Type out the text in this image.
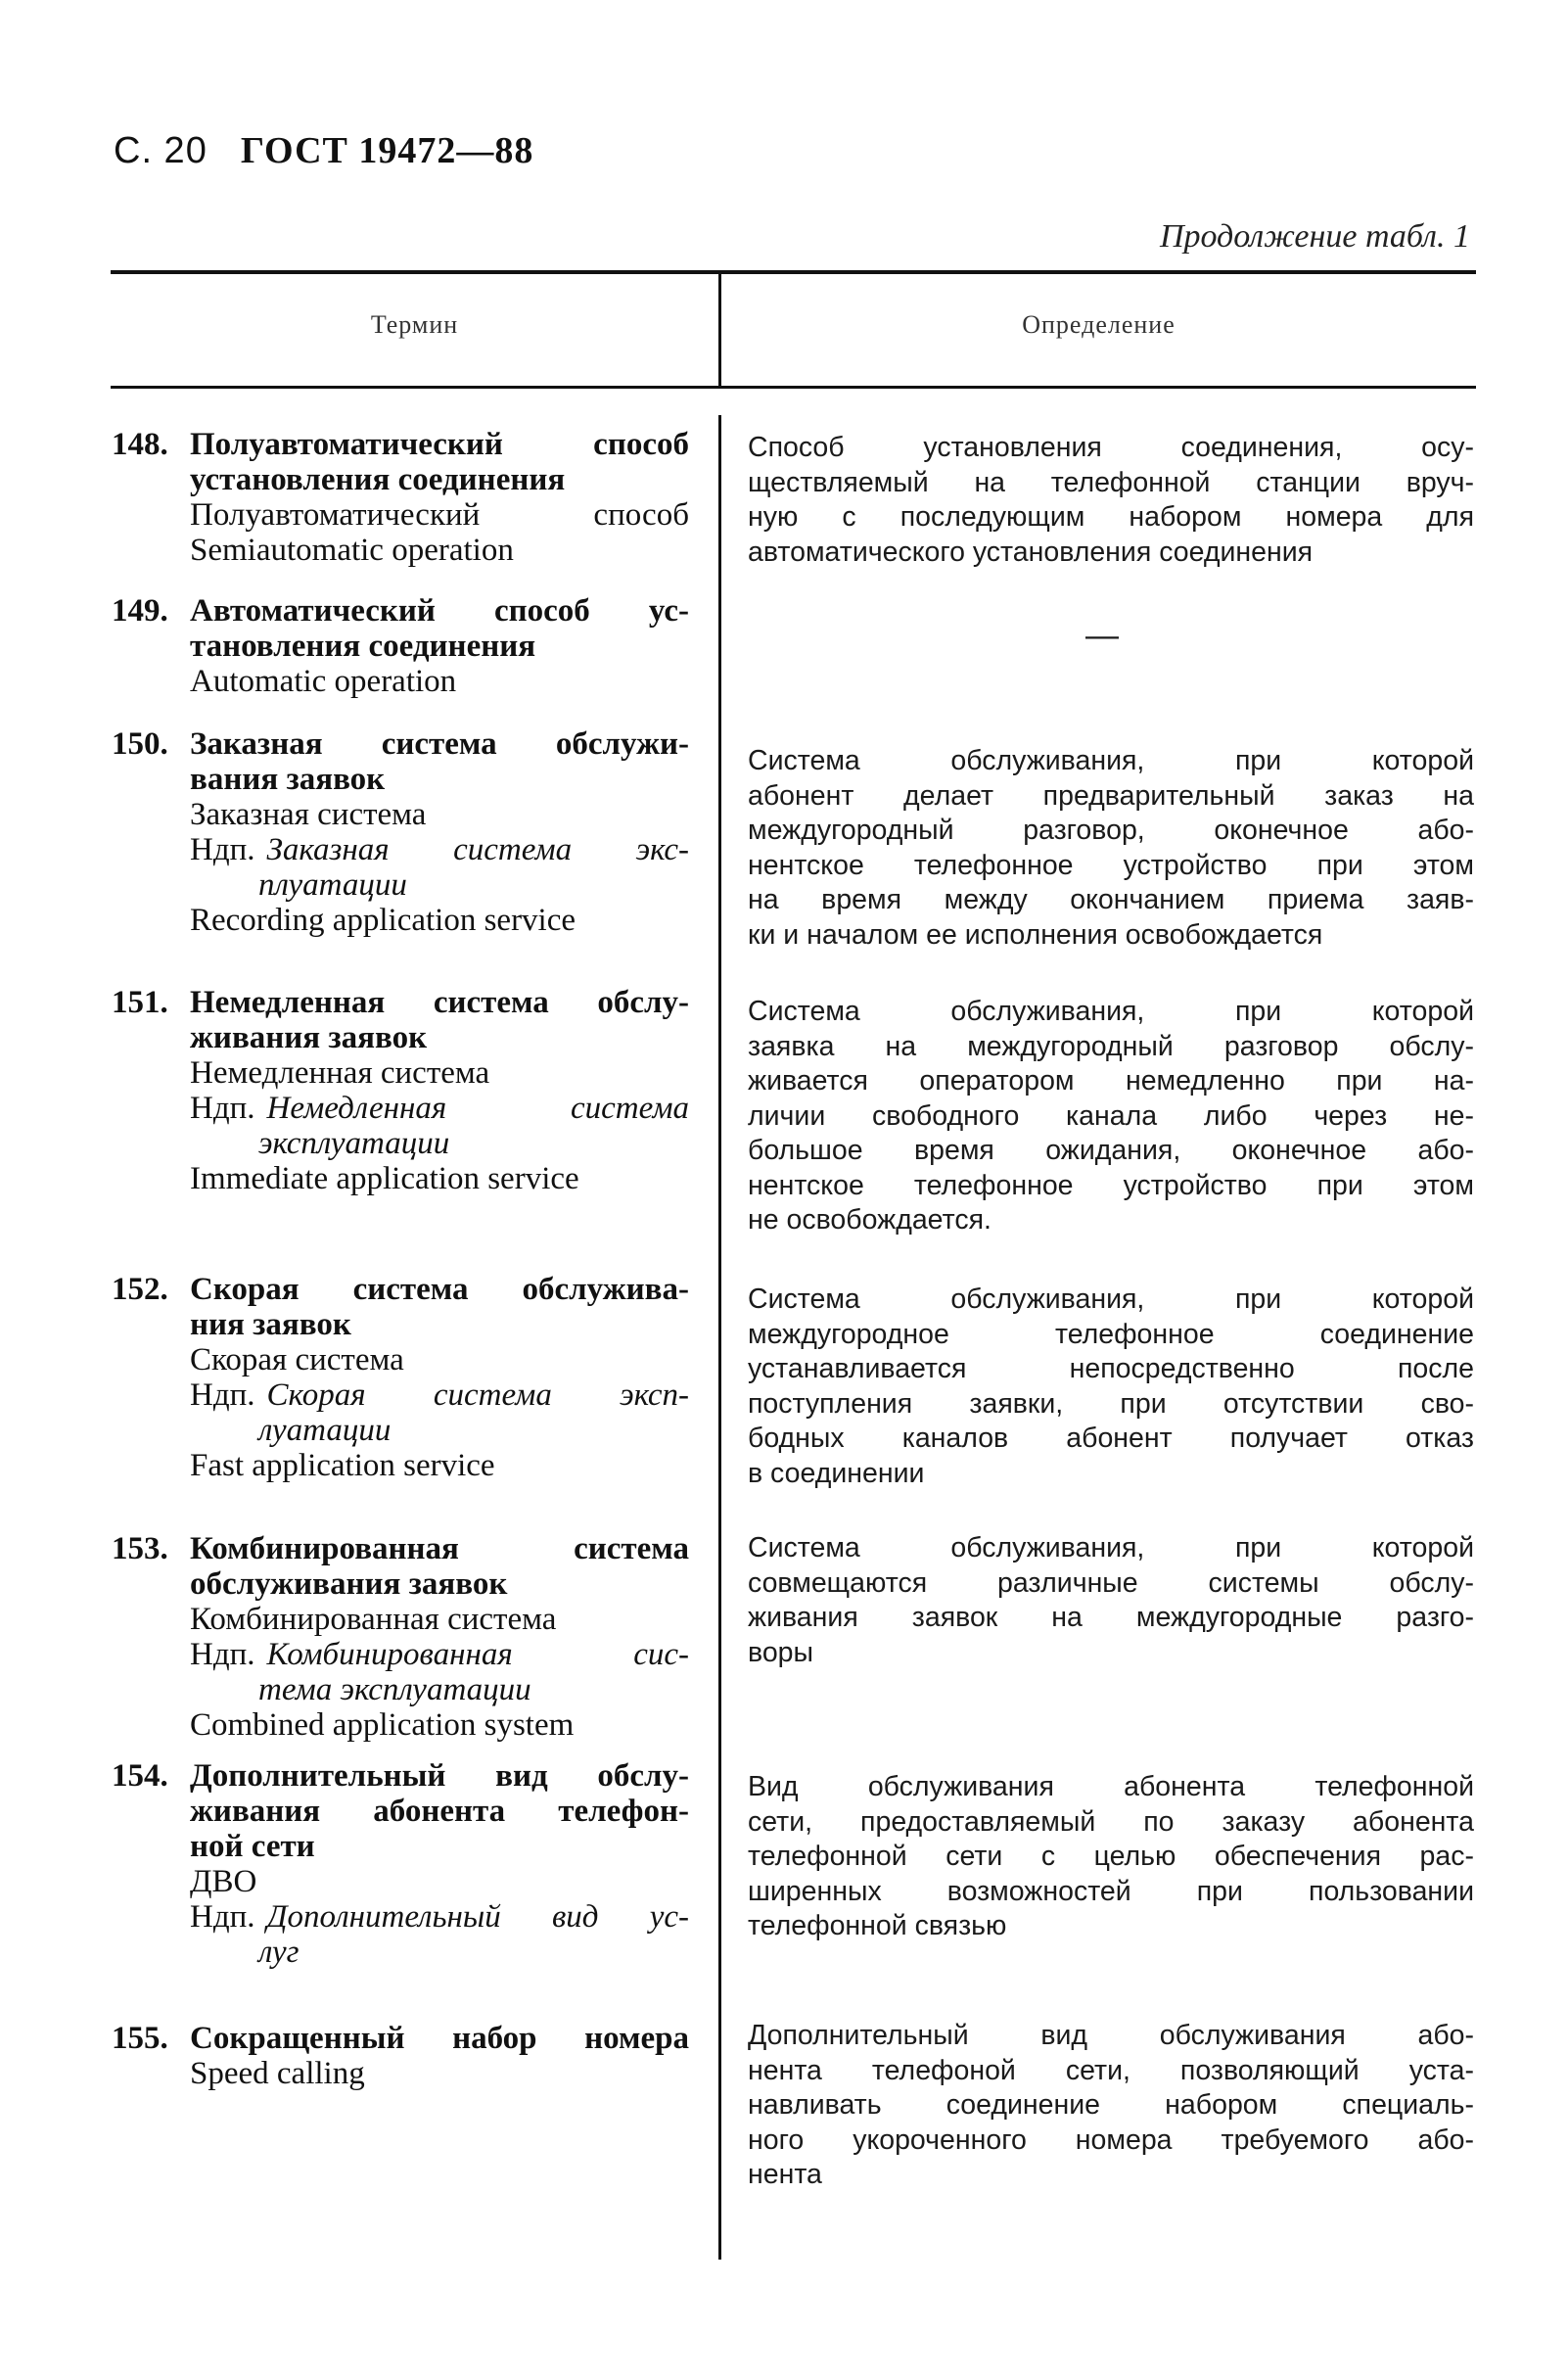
С. 20 ГОСТ 19472—88
Продолжение табл. 1
Термин	Определение
148. Полуавтоматический способ
установления соединения
Полуавтоматический способ
Semiautomatic operation
Способ установления соединения, осу-
ществляемый на телефонной станции вруч-
ную с последующим набором номера для
автоматического установления соединения
149. Автоматический способ ус-
тановления соединения
Automatic operation
—
150. Заказная система обслужи-
вания заявок
Заказная система
Ндп. Заказная система экс-
плуатации
Recording application service
Система обслуживания, при которой
абонент делает предварительный заказ на
междугородный разговор, оконечное або-
нентское телефонное устройство при этом
на время между окончанием приема заяв-
ки и началом ее исполнения освобождается
151. Немедленная система обслу-
живания заявок
Немедленная система
Ндп. Немедленная система
эксплуатации
Immediate application service
Система обслуживания, при которой
заявка на междугородный разговор обслу-
живается оператором немедленно при на-
личии свободного канала либо через не-
большое время ожидания, оконечное або-
нентское телефонное устройство при этом
не освобождается.
152. Скорая система обслужива-
ния заявок
Скорая система
Ндп. Скорая система эксп-
луатации
Fast application service
Система обслуживания, при которой
междугородное телефонное соединение
устанавливается непосредственно после
поступления заявки, при отсутствии сво-
бодных каналов абонент получает отказ
в соединении
153. Комбинированная система
обслуживания заявок
Комбинированная система
Ндп. Комбинированная сис-
тема эксплуатации
Combined application system
Система обслуживания, при которой
совмещаются различные системы обслу-
живания заявок на междугородные разго-
воры
154. Дополнительный вид обслу-
живания абонента телефон-
ной сети
ДВО
Ндп. Дополнительный вид ус-
луг
Вид обслуживания абонента телефонной
сети, предоставляемый по заказу абонента
телефонной сети с целью обеспечения рас-
ширенных возможностей при пользовании
телефонной связью
155. Сокращенный набор номера
Speed calling
Дополнительный вид обслуживания або-
нента телефоной сети, позволяющий уста-
навливать соединение набором специаль-
ного укороченного номера требуемого або-
нента
